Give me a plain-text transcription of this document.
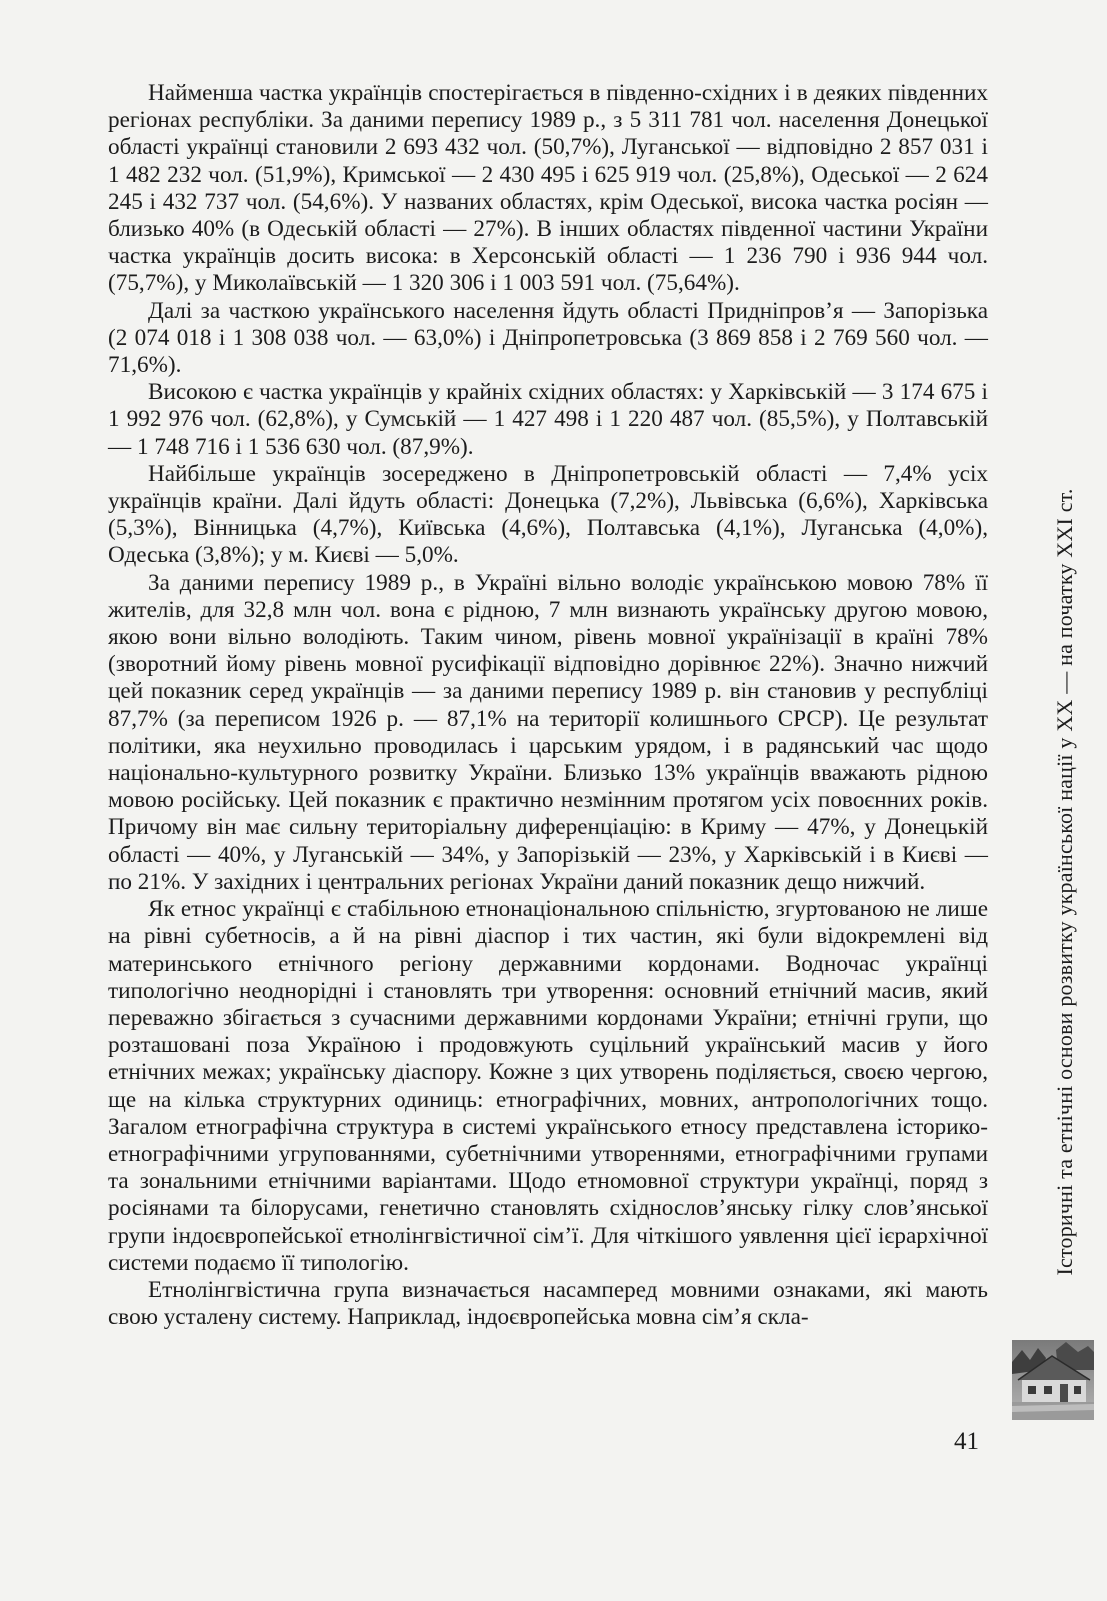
Найменша частка українців спостерігається в південно-східних і в деяких південних регіонах республіки. За даними перепису 1989 р., з 5 311 781 чол. населення Донецької області українці становили 2 693 432 чол. (50,7%), Луганської — відповідно 2 857 031 і 1 482 232 чол. (51,9%), Кримської — 2 430 495 і 625 919 чол. (25,8%), Одеської — 2 624 245 і 432 737 чол. (54,6%). У названих областях, крім Одеської, висока частка росіян — близько 40% (в Одеській області — 27%). В інших областях південної частини України частка українців досить висока: в Херсонській області — 1 236 790 і 936 944 чол. (75,7%), у Миколаївській — 1 320 306 і 1 003 591 чол. (75,64%).

Далі за часткою українського населення йдуть області Придніпров’я — Запорізька (2 074 018 і 1 308 038 чол. — 63,0%) і Дніпропетровська (3 869 858 і 2 769 560 чол. — 71,6%).

Високою є частка українців у крайніх східних областях: у Харківській — 3 174 675 і 1 992 976 чол. (62,8%), у Сумській — 1 427 498 і 1 220 487 чол. (85,5%), у Полтавській — 1 748 716 і 1 536 630 чол. (87,9%).

Найбільше українців зосереджено в Дніпропетровській області — 7,4% усіх українців країни. Далі йдуть області: Донецька (7,2%), Львівська (6,6%), Харківська (5,3%), Вінницька (4,7%), Київська (4,6%), Полтавська (4,1%), Луганська (4,0%), Одеська (3,8%); у м. Києві — 5,0%.

За даними перепису 1989 р., в Україні вільно володіє українською мовою 78% її жителів, для 32,8 млн чол. вона є рідною, 7 млн визнають українську другою мовою, якою вони вільно володіють. Таким чином, рівень мовної українізації в країні 78% (зворотний йому рівень мовної русифікації відповідно дорівнює 22%). Значно нижчий цей показник серед українців — за даними перепису 1989 р. він становив у республіці 87,7% (за переписом 1926 р. — 87,1% на території колишнього СРСР). Це результат політики, яка неухильно проводилась і царським урядом, і в радянський час щодо національно-культурного розвитку України. Близько 13% українців вважають рідною мовою російську. Цей показник є практично незмінним протягом усіх повоєнних років. Причому він має сильну територіальну диференціацію: в Криму — 47%, у Донецькій області — 40%, у Луганській — 34%, у Запорізькій — 23%, у Харківській і в Києві — по 21%. У західних і центральних регіонах України даний показник дещо нижчий.

Як етнос українці є стабільною етнонаціональною спільністю, згуртованою не лише на рівні субетносів, а й на рівні діаспор і тих частин, які були відокремлені від материнського етнічного регіону державними кордонами. Водночас українці типологічно неоднорідні і становлять три утворення: основний етнічний масив, який переважно збігається з сучасними державними кордонами України; етнічні групи, що розташовані поза Україною і продовжують суцільний український масив у його етнічних межах; українську діаспору. Кожне з цих утворень поділяється, своєю чергою, ще на кілька структурних одиниць: етнографічних, мовних, антропологічних тощо. Загалом етнографічна структура в системі українського етносу представлена історико-етнографічними угрупованнями, субетнічними утвореннями, етнографічними групами та зональними етнічними варіантами. Щодо етномовної структури українці, поряд з росіянами та білорусами, генетично становлять східнослов’янську гілку слов’янської групи індоєвропейської етнолінгвістичної сім’ї. Для чіткішого уявлення цієї ієрархічної системи подаємо її типологію.

Етнолінгвістична група визначається насамперед мовними ознаками, які мають свою усталену систему. Наприклад, індоєвропейська мовна сім’я скла-

Історичні та етнічні основи розвитку української нації у XX — на початку XXI ст.
41
